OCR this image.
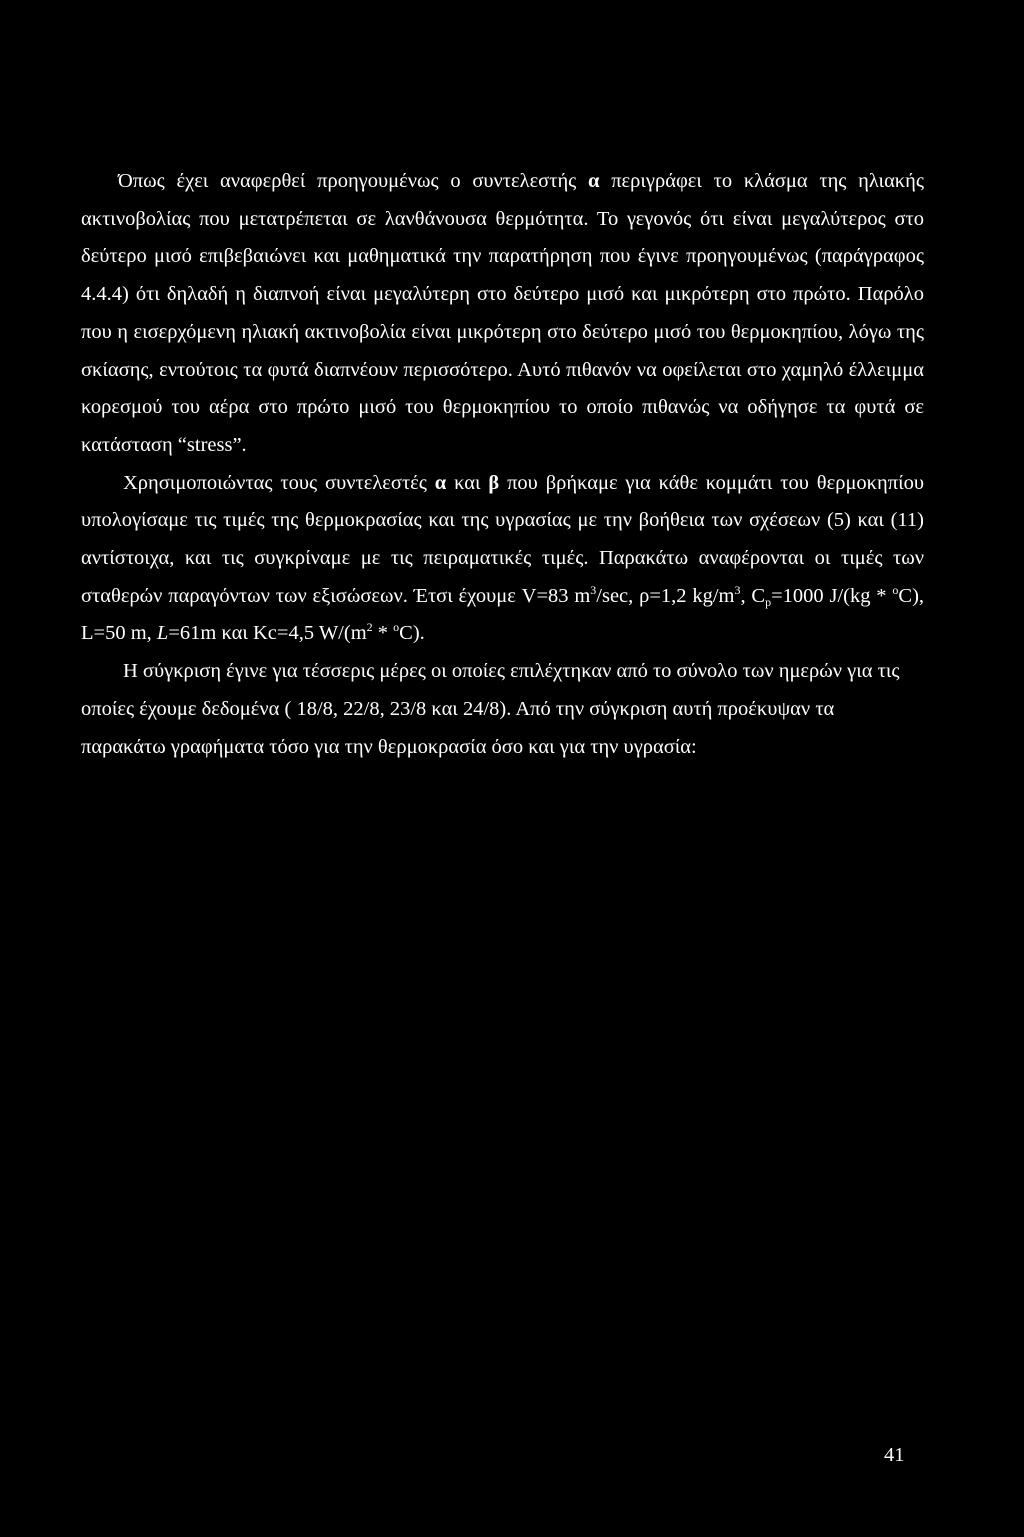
Όπως έχει αναφερθεί προηγουμένως ο συντελεστής α περιγράφει το κλάσμα της ηλιακής ακτινοβολίας που μετατρέπεται σε λανθάνουσα θερμότητα. Το γεγονός ότι είναι μεγαλύτερος στο δεύτερο μισό επιβεβαιώνει και μαθηματικά την παρατήρηση που έγινε προηγουμένως (παράγραφος 4.4.4) ότι δηλαδή η διαπνοή είναι μεγαλύτερη στο δεύτερο μισό και μικρότερη στο πρώτο. Παρόλο που η εισερχόμενη ηλιακή ακτινοβολία είναι μικρότερη στο δεύτερο μισό του θερμοκηπίου, λόγω της σκίασης, εντούτοις τα φυτά διαπνέουν περισσότερο. Αυτό πιθανόν να οφείλεται στο χαμηλό έλλειμμα κορεσμού του αέρα στο πρώτο μισό του θερμοκηπίου το οποίο πιθανώς να οδήγησε τα φυτά σε κατάσταση “stress”.

Χρησιμοποιώντας τους συντελεστές α και β που βρήκαμε για κάθε κομμάτι του θερμοκηπίου υπολογίσαμε τις τιμές της θερμοκρασίας και της υγρασίας με την βοήθεια των σχέσεων (5) και (11) αντίστοιχα, και τις συγκρίναμε με τις πειραματικές τιμές. Παρακάτω αναφέρονται οι τιμές των σταθερών παραγόντων των εξισώσεων. Έτσι έχουμε V=83 $m^3/\sec$, ρ=1,2 $kg/m^3$, $C_p=1000$ J/(kg * $^o$C), L=50 m, L=61m και Kc=4,5 $W/(m^2 * ^oC)$.

Η σύγκριση έγινε για τέσσερις μέρες οι οποίες επιλέχτηκαν από το σύνολο των ημερών για τις οποίες έχουμε δεδομένα ( 18/8, 22/8, 23/8 και 24/8). Από την σύγκριση αυτή προέκυψαν τα παρακάτω γραφήματα τόσο για την θερμοκρασία όσο και για την υγρασία:

41
